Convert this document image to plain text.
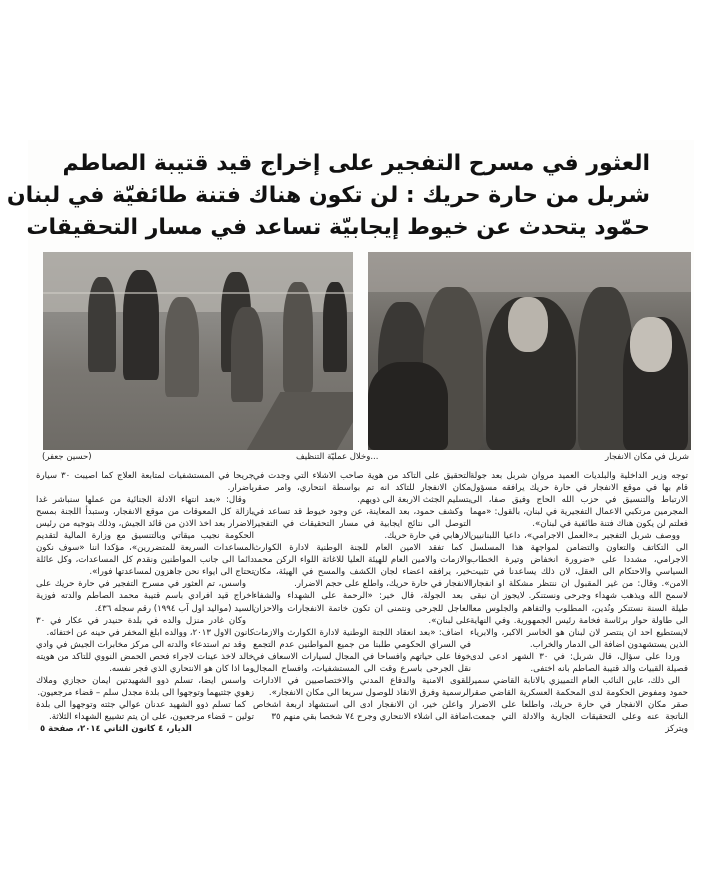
العثور في مسرح التفجير على إخراج قيد قتيبة الصاطم
شربل من حارة حريك : لن تكون هناك فتنة طائفيّة في لبنان
حمّود يتحدث عن خيوط إيجابيّة تساعد في مسار التحقيقات
...وخلال عمليّة التنظيف
(حسين جعفر)	شربل في مكان الانفجار

توجه وزير الداخلية والبلديات العميد مروان شربل بعد جولة قام بها في موقع الانفجار في حارة حريك يرافقه مسؤول الارتباط والتنسيق في حزب الله الحاج وفيق صفا، الى المجرمين مرتكبي الاعمال التفجيرية في لبنان، بالقول: «مهما فعلتم لن يكون هناك فتنة طائفية في لبنان».

ووصف شربل التفجير بـ«العمل الاجرامي»، داعيا اللبنانيين الى التكاتف والتعاون والتضامن لمواجهة هذا المسلسل الاجرامي، مشددا على «ضرورة انخفاض وتيرة الخطاب السياسي والاحتكام الى العقل، لان ذلك يساعدنا في تثبيت الامن». وقال: من غير المقبول ان ننتظر مشكلة او انفجارا لاسمح الله ويذهب شهداء وجرحى ونستنكر. لايجوز ان نبقى طيلة السنة نستنكر ونُدين، المطلوب والتفاهم والجلوس معا الى طاولة حوار برئاسة فخامة رئيس الجمهورية. وفي النهاية لايستطيع احد ان ينتصر لان لبنان هو الخاسر الاكبر، والابرياء الذين يستشهدون اضافة الى الدمار والخراب.

وردا على سؤال، قال شربل: في ٣٠ الشهر ادعى لدى فصيلة القبيات والد قتيبة الصاطم بانه اختفى.

الى ذلك، عاين النائب العام التمييزي بالانابة القاضي سمير حمود ومفوض الحكومة لدى المحكمة العسكرية القاضي صقر صقر مكان الانفجار في حارة حريك، واطلعا على الاضرار الناتجة عنه وعلى التحقيقات الجارية والادلة التي جمعت، ويتركز

التحقيق على التاكد من هوية صاحب الاشلاء التي وجدت في مكان الانفجار للتاكد انه تم بواسطة انتحاري، وامر صقر بتسليم الجثث الاربعة الى ذويهم.

وكشف حمود، بعد المعاينة، عن وجود خيوط قد تساعد في التوصل الى نتائج ايجابية في مسار التحقيقات في التفجير الارهابي في حارة حريك.

كما تفقد الامين العام للجنة الوطنية لادارة الكوارث والازمات والامين العام للهيئة العليا للاغاثة اللواء الركن محمد خير، يرافقه اعضاء لجان الكشف والمسح في الهيئة، مكان الانفجار في حارة حريك، واطلع على حجم الاضرار.

بعد الجولة، قال خير: «الرحمة على الشهداء والشفاء العاجل للجرحى ونتمنى ان تكون خاتمة الانفجارات والاحزان على لبنان».

اضاف: «بعد انعقاد اللجنة الوطنية لادارة الكوارث والازمات في السراي الحكومي طلبنا من جميع المواطنين عدم التجمع خوفا على حياتهم وافساحا في المجال لسيارات الاسعاف في نقل الجرحى باسرع وقت الى المستشفيات، وافساح المجال للقوى الامنية والدفاع المدني والاختصاصيين في الادارات الرسمية وفرق الانقاذ للوصول سريعا الى مكان الانفجار».

واعلن خير، ان الانفجار ادى الى استشهاد اربعة اشخاص اضافة الى اشلاء الانتحاري وجرح ٧٤ شخصا بقي منهم ٣٥

جريحا في المستشفيات لمتابعة العلاج كما اصيبت ٣٠ سيارة باضرار.

وقال: «بعد انتهاء الادلة الجنائية من عملها سنباشر غدا بازالة كل المعوقات من موقع الانفجار، وستبدأ اللجنة بمسح الاضرار بعد اخذ الاذن من قائد الجيش، وذلك بتوجيه من رئيس الحكومة نجيب ميقاتي وبالتنسيق مع وزارة المالية لتقديم المساعدات السريعة للمتضررين»، مؤكدا اننا «سوف نكون دائما الى جانب المواطنين ونقدم كل المساعدات، وكل عائلة تحتاج الى ايواء نحن جاهزون لمساعدتها فورا».

واسس، تم العثور في مسرح التفجير في حارة حريك على اخراج قيد افرادي باسم قتيبة محمد الصاطم والدته فوزية السيد (مواليد اول آب ١٩٩٤) رقم سجله ٤٣٦.

وكان غادر منزل والده في بلدة حنيدر في عكار في ٣٠ كانون الاول ٢٠١٣، ووالده ابلغ المخفر في حينه عن اختفائه.

وقد تم استدعاء والدته الى مركز مخابرات الجيش في وادي خالد لاخذ عينات لاجراء فحص الحمض النووي للتاكد من هويته وما اذا كان هو الانتحاري الذي فجر نفسه.

واسس ايضا، تسلم ذوو الشهيدتين ايمان حجازي وملاك زهوي جثتيهما وتوجهوا الى بلدة مجدل سلم – قضاء مرجعيون.

كما تسلم ذوو الشهيد عدنان عوالي جثته وتوجهوا الى بلدة تولين – قضاء مرجعيون، على ان يتم تشييع الشهداء الثلاثة.

الديار، ٤ كانون الثاني ٢٠١٤، صفحة ٥
